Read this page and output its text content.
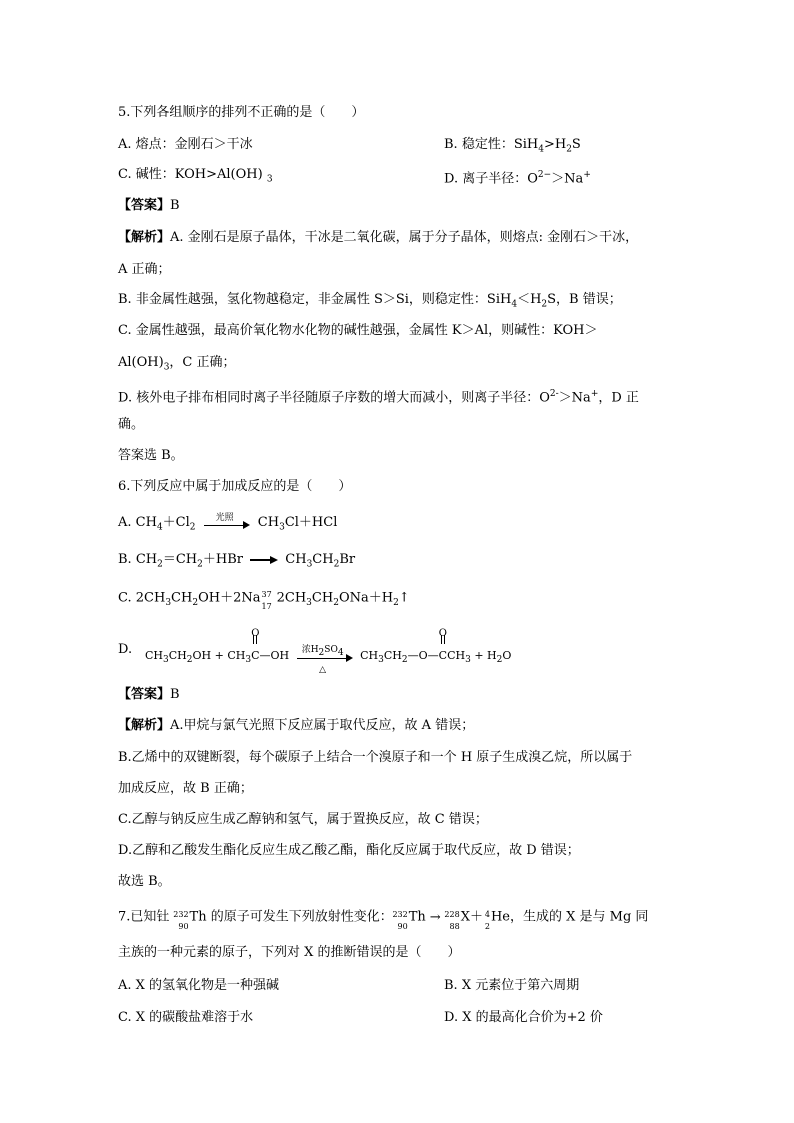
5.下列各组顺序的排列不正确的是（　　）
A. 熔点：金刚石＞干冰	B. 稳定性：$SiH_4>H_2S$
C. 碱性：KOH>Al(OH) $_3$	D. 离子半径：$O^{2-}>Na^+$
【答案】B
【解析】A. 金刚石是原子晶体，干冰是二氧化碳，属于分子晶体，则熔点: 金刚石＞干冰，
A 正确；
B. 非金属性越强，氢化物越稳定，非金属性 S＞Si，则稳定性：$SiH_4<H_2S$，B 错误；
C. 金属性越强，最高价氧化物水化物的碱性越强，金属性 K＞Al，则碱性：KOH＞
$Al(OH)_3$，C 正确；
D. 核外电子排布相同时离子半径随原子序数的增大而减小，则离子半径：$O^{2-}>Na^+$，D 正
确。
答案选 B。
6.下列反应中属于加成反应的是（　　）
A. $CH_4+Cl_2$
光照	$CH_3Cl+HCl$
B. $CH_2=CH_2+HBr$	$CH_3CH_2Br$
C. $2CH_3CH_2OH+2Na$ 37
17
$2CH_3CH_2ONa+H_2↑$
D. $CH_3CH_2OH + CH_3$
O
C—OH	浓$H_2SO_4$
△
$CH_3CH_2—O—$
O
$CCH_3 + H_2O$
【答案】B
【解析】A.甲烷与氯气光照下反应属于取代反应，故 A 错误；
B.乙烯中的双键断裂，每个碳原子上结合一个溴原子和一个 H 原子生成溴乙烷，所以属于
加成反应，故 B 正确；
C.乙醇与钠反应生成乙醇钠和氢气，属于置换反应，故 C 错误；
D.乙醇和乙酸发生酯化反应生成乙酸乙酯，酯化反应属于取代反应，故 D 错误；
故选 B。
7.已知钍 232
90
Th 的原子可发生下列放射性变化： 232
90
Th → 228
88
X＋ 4
2
He，生成的 X 是与 Mg 同
主族的一种元素的原子，下列对 X 的推断错误的是（　　）
A. X 的氢氧化物是一种强碱	B. X 元素位于第六周期
C. X 的碳酸盐难溶于水	D. X 的最高化合价为+2 价
